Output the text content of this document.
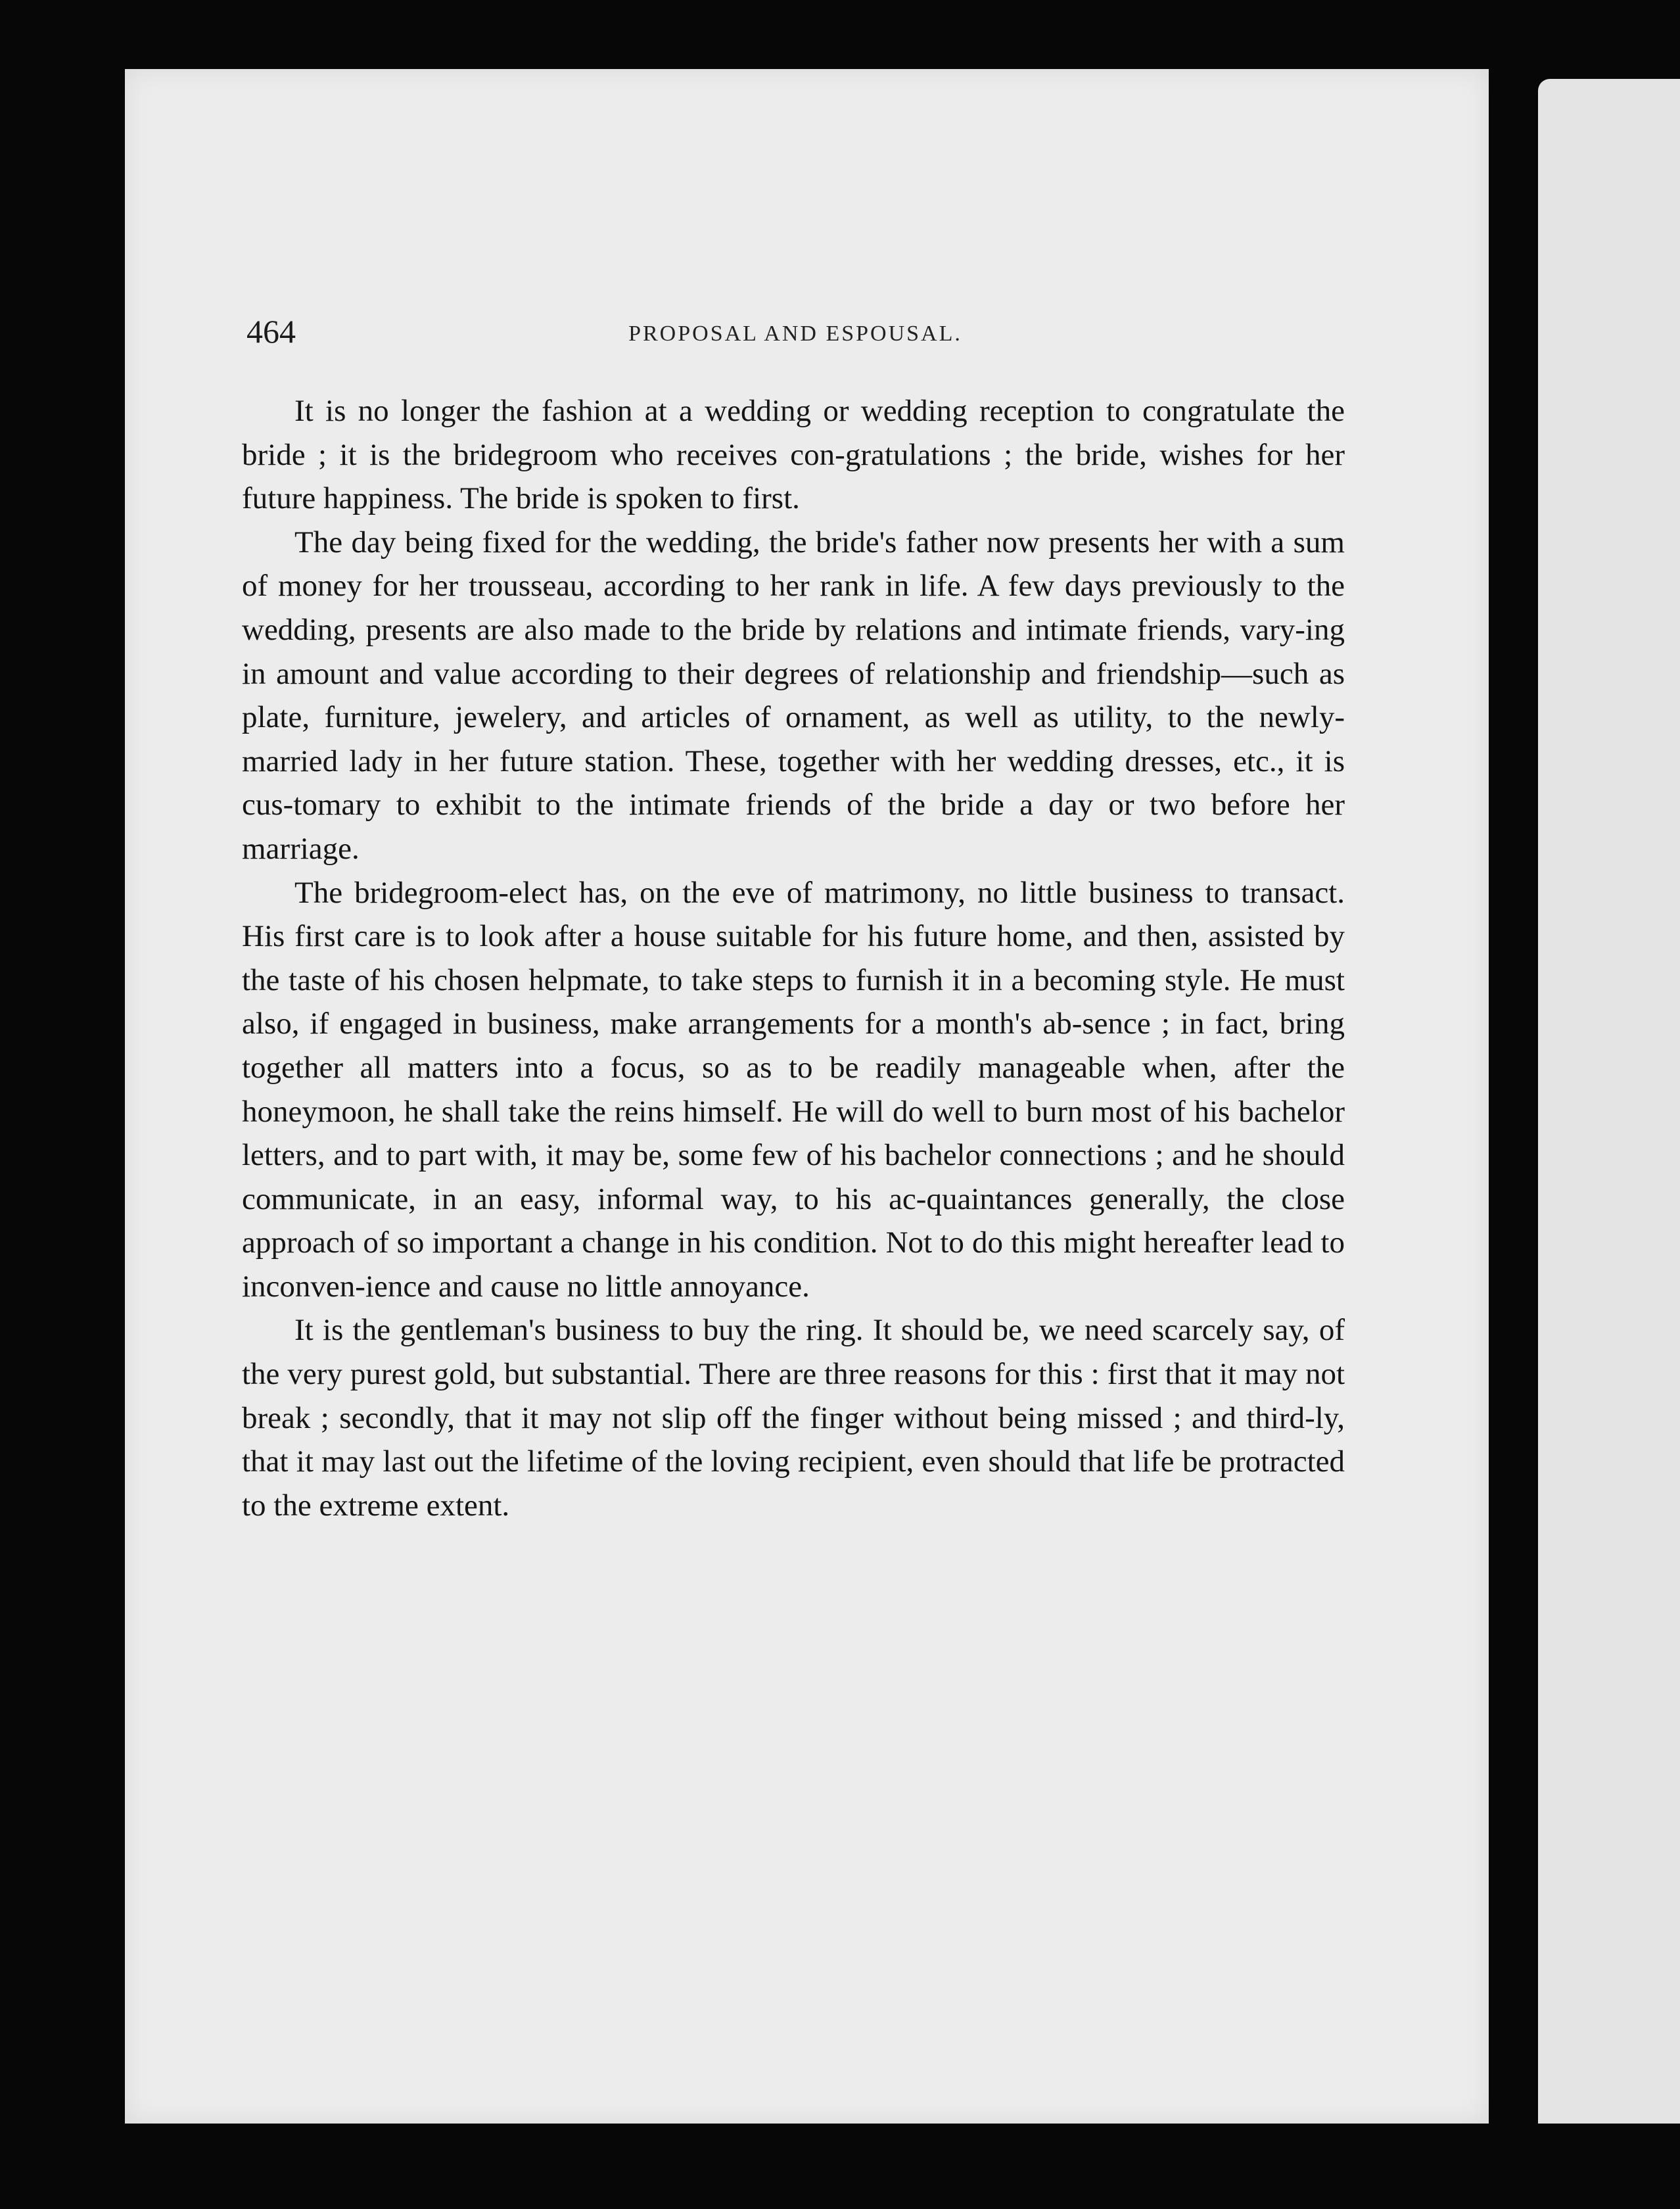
464	PROPOSAL AND ESPOUSAL.

It is no longer the fashion at a wedding or wedding reception to congratulate the bride ; it is the bridegroom who receives con-gratulations ; the bride, wishes for her future happiness. The bride is spoken to first.

The day being fixed for the wedding, the bride's father now presents her with a sum of money for her trousseau, according to her rank in life. A few days previously to the wedding, presents are also made to the bride by relations and intimate friends, vary-ing in amount and value according to their degrees of relationship and friendship—such as plate, furniture, jewelery, and articles of ornament, as well as utility, to the newly-married lady in her future station. These, together with her wedding dresses, etc., it is cus-tomary to exhibit to the intimate friends of the bride a day or two before her marriage.

The bridegroom-elect has, on the eve of matrimony, no little business to transact. His first care is to look after a house suitable for his future home, and then, assisted by the taste of his chosen helpmate, to take steps to furnish it in a becoming style. He must also, if engaged in business, make arrangements for a month's ab-sence ; in fact, bring together all matters into a focus, so as to be readily manageable when, after the honeymoon, he shall take the reins himself. He will do well to burn most of his bachelor letters, and to part with, it may be, some few of his bachelor connections ; and he should communicate, in an easy, informal way, to his ac-quaintances generally, the close approach of so important a change in his condition. Not to do this might hereafter lead to inconven-ience and cause no little annoyance.

It is the gentleman's business to buy the ring. It should be, we need scarcely say, of the very purest gold, but substantial. There are three reasons for this : first that it may not break ; secondly, that it may not slip off the finger without being missed ; and third-ly, that it may last out the lifetime of the loving recipient, even should that life be protracted to the extreme extent.
